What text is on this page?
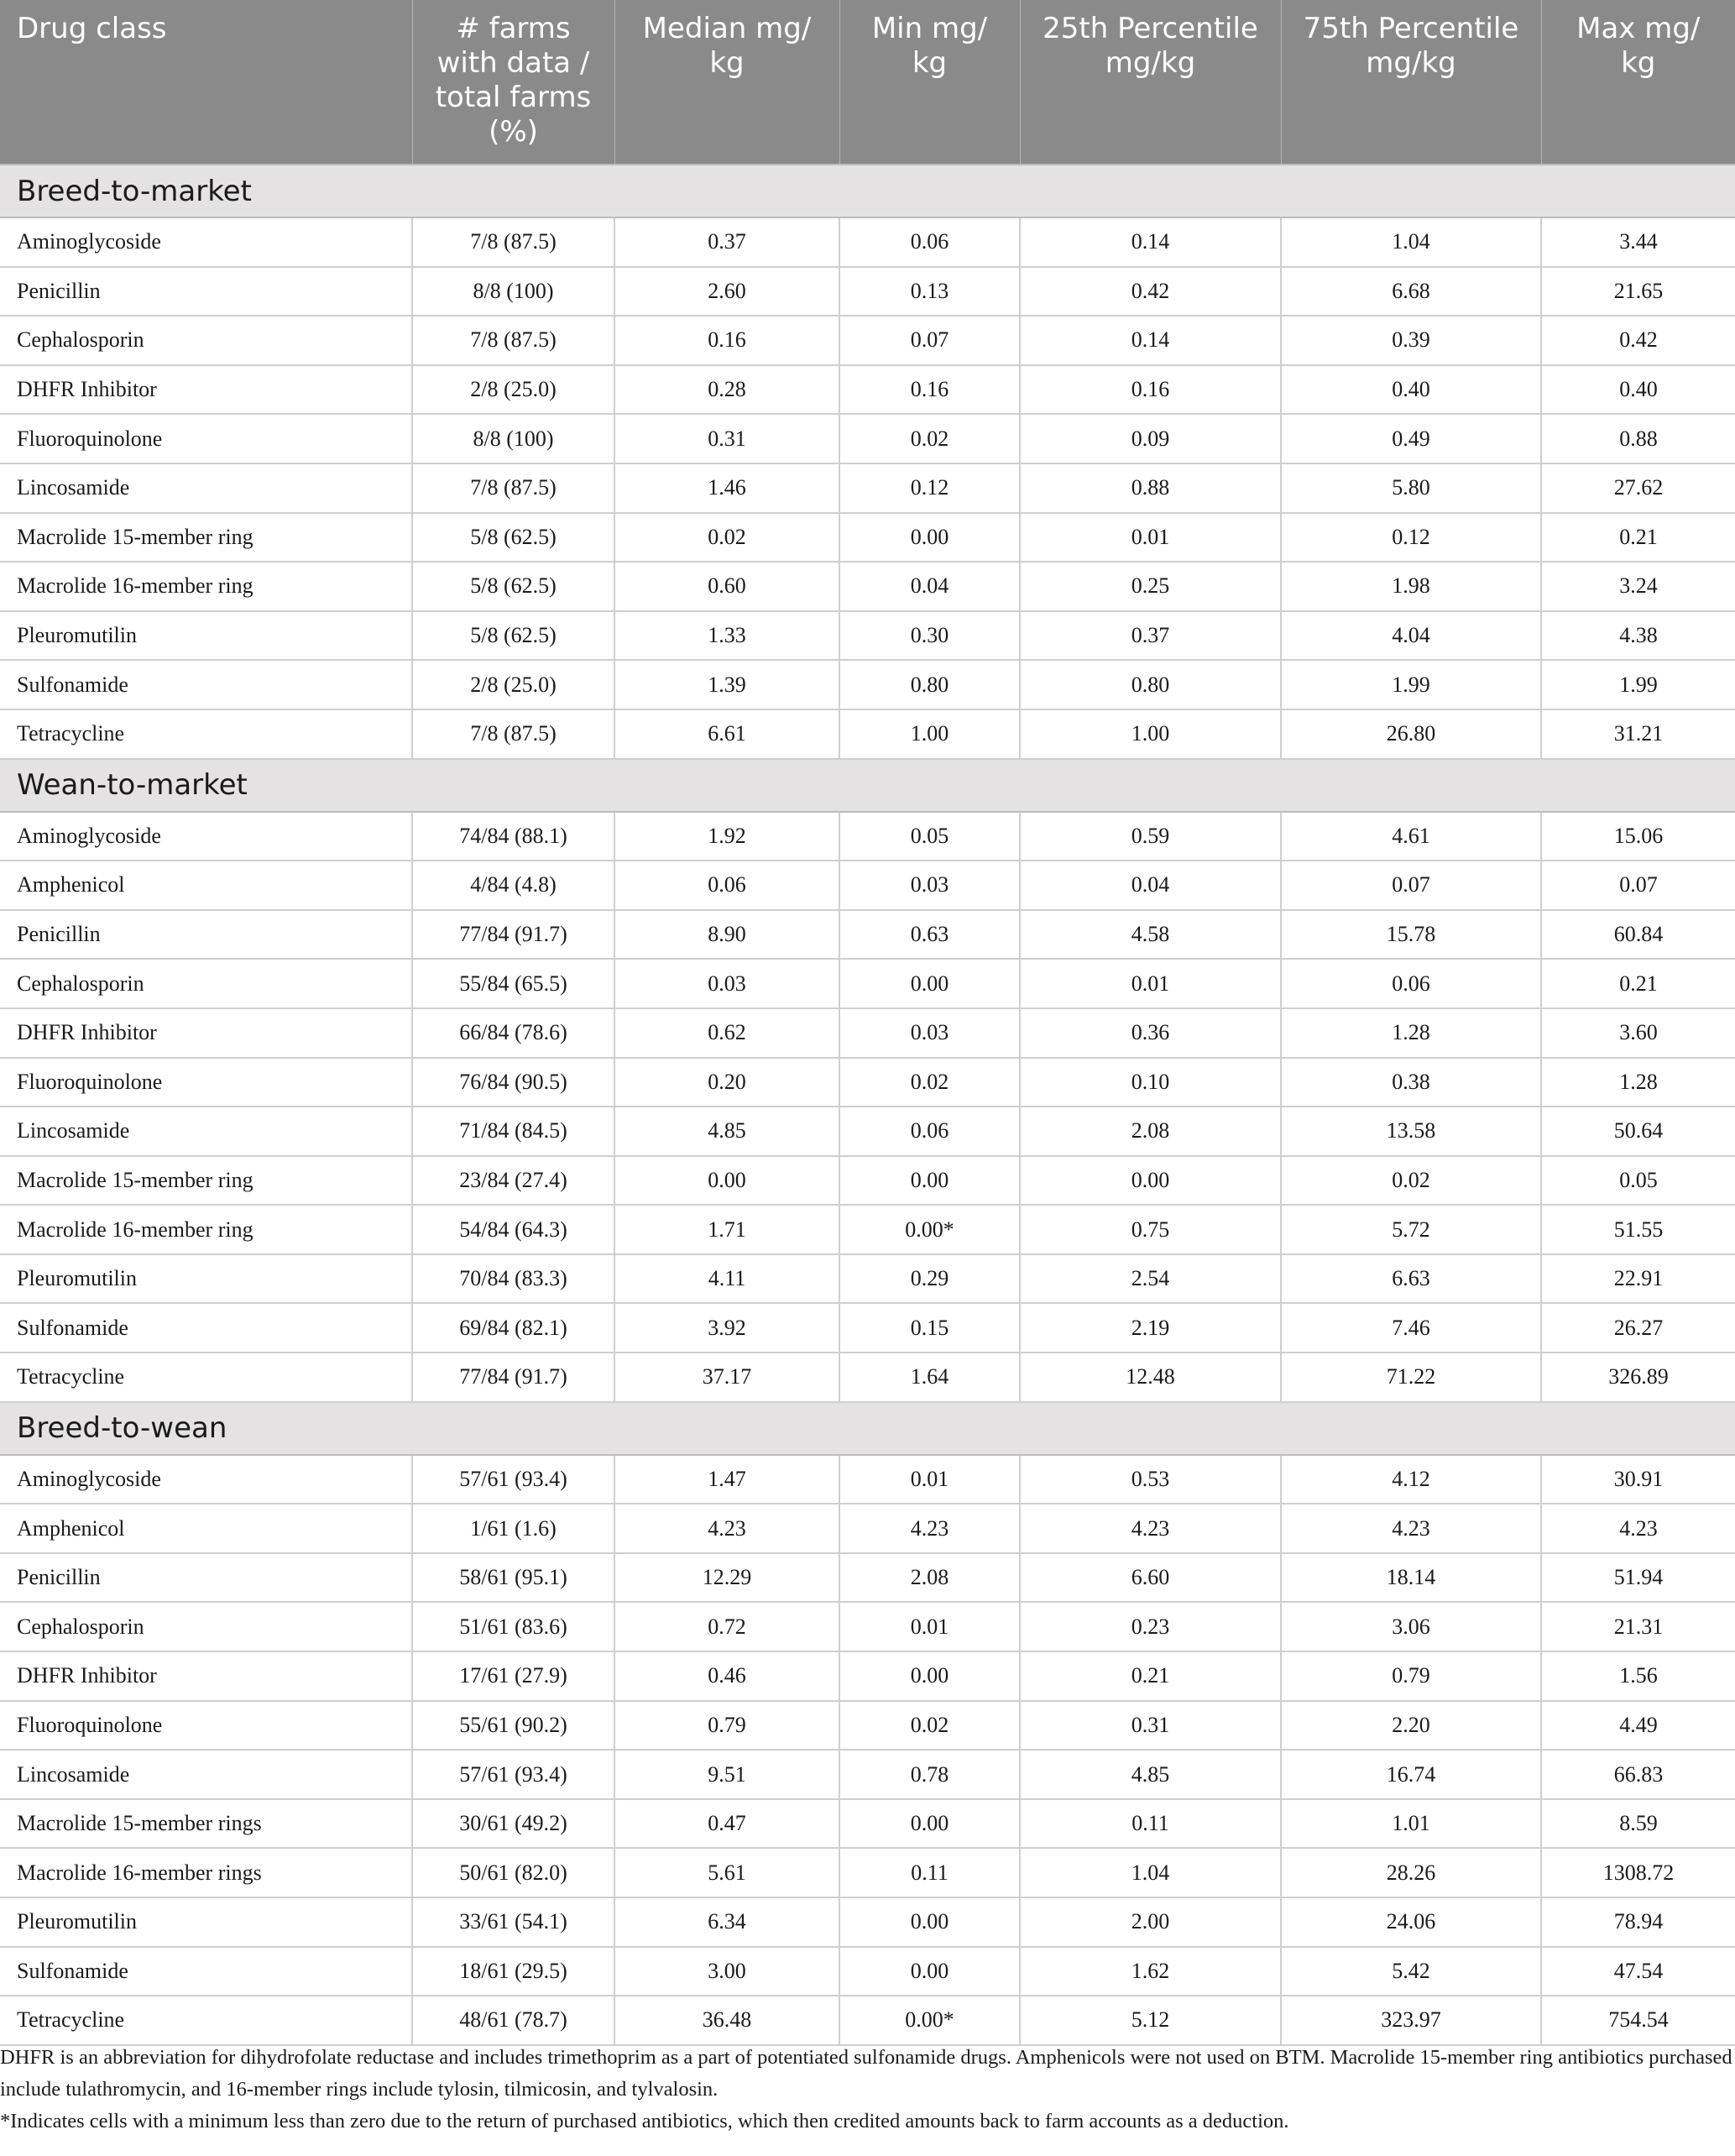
Drug class	# farms with data / total farms (%)	Median mg/ kg	Min mg/ kg	25th Percentile mg/kg	75th Percentile mg/kg	Max mg/ kg
Breed-to-market						
Aminoglycoside	7/8 (87.5)	0.37	0.06	0.14	1.04	3.44
Penicillin	8/8 (100)	2.60	0.13	0.42	6.68	21.65
Cephalosporin	7/8 (87.5)	0.16	0.07	0.14	0.39	0.42
DHFR Inhibitor	2/8 (25.0)	0.28	0.16	0.16	0.40	0.40
Fluoroquinolone	8/8 (100)	0.31	0.02	0.09	0.49	0.88
Lincosamide	7/8 (87.5)	1.46	0.12	0.88	5.80	27.62
Macrolide 15-member ring	5/8 (62.5)	0.02	0.00	0.01	0.12	0.21
Macrolide 16-member ring	5/8 (62.5)	0.60	0.04	0.25	1.98	3.24
Pleuromutilin	5/8 (62.5)	1.33	0.30	0.37	4.04	4.38
Sulfonamide	2/8 (25.0)	1.39	0.80	0.80	1.99	1.99
Tetracycline	7/8 (87.5)	6.61	1.00	1.00	26.80	31.21
Wean-to-market						
Aminoglycoside	74/84 (88.1)	1.92	0.05	0.59	4.61	15.06
Amphenicol	4/84 (4.8)	0.06	0.03	0.04	0.07	0.07
Penicillin	77/84 (91.7)	8.90	0.63	4.58	15.78	60.84
Cephalosporin	55/84 (65.5)	0.03	0.00	0.01	0.06	0.21
DHFR Inhibitor	66/84 (78.6)	0.62	0.03	0.36	1.28	3.60
Fluoroquinolone	76/84 (90.5)	0.20	0.02	0.10	0.38	1.28
Lincosamide	71/84 (84.5)	4.85	0.06	2.08	13.58	50.64
Macrolide 15-member ring	23/84 (27.4)	0.00	0.00	0.00	0.02	0.05
Macrolide 16-member ring	54/84 (64.3)	1.71	0.00*	0.75	5.72	51.55
Pleuromutilin	70/84 (83.3)	4.11	0.29	2.54	6.63	22.91
Sulfonamide	69/84 (82.1)	3.92	0.15	2.19	7.46	26.27
Tetracycline	77/84 (91.7)	37.17	1.64	12.48	71.22	326.89
Breed-to-wean						
Aminoglycoside	57/61 (93.4)	1.47	0.01	0.53	4.12	30.91
Amphenicol	1/61 (1.6)	4.23	4.23	4.23	4.23	4.23
Penicillin	58/61 (95.1)	12.29	2.08	6.60	18.14	51.94
Cephalosporin	51/61 (83.6)	0.72	0.01	0.23	3.06	21.31
DHFR Inhibitor	17/61 (27.9)	0.46	0.00	0.21	0.79	1.56
Fluoroquinolone	55/61 (90.2)	0.79	0.02	0.31	2.20	4.49
Lincosamide	57/61 (93.4)	9.51	0.78	4.85	16.74	66.83
Macrolide 15-member rings	30/61 (49.2)	0.47	0.00	0.11	1.01	8.59
Macrolide 16-member rings	50/61 (82.0)	5.61	0.11	1.04	28.26	1308.72
Pleuromutilin	33/61 (54.1)	6.34	0.00	2.00	24.06	78.94
Sulfonamide	18/61 (29.5)	3.00	0.00	1.62	5.42	47.54
Tetracycline	48/61 (78.7)	36.48	0.00*	5.12	323.97	754.54

DHFR is an abbreviation for dihydrofolate reductase and includes trimethoprim as a part of potentiated sulfonamide drugs. Amphenicols were not used on BTM. Macrolide 15-member ring antibiotics purchased include tulathromycin, and 16-member rings include tylosin, tilmicosin, and tylvalosin.

*Indicates cells with a minimum less than zero due to the return of purchased antibiotics, which then credited amounts back to farm accounts as a deduction.
